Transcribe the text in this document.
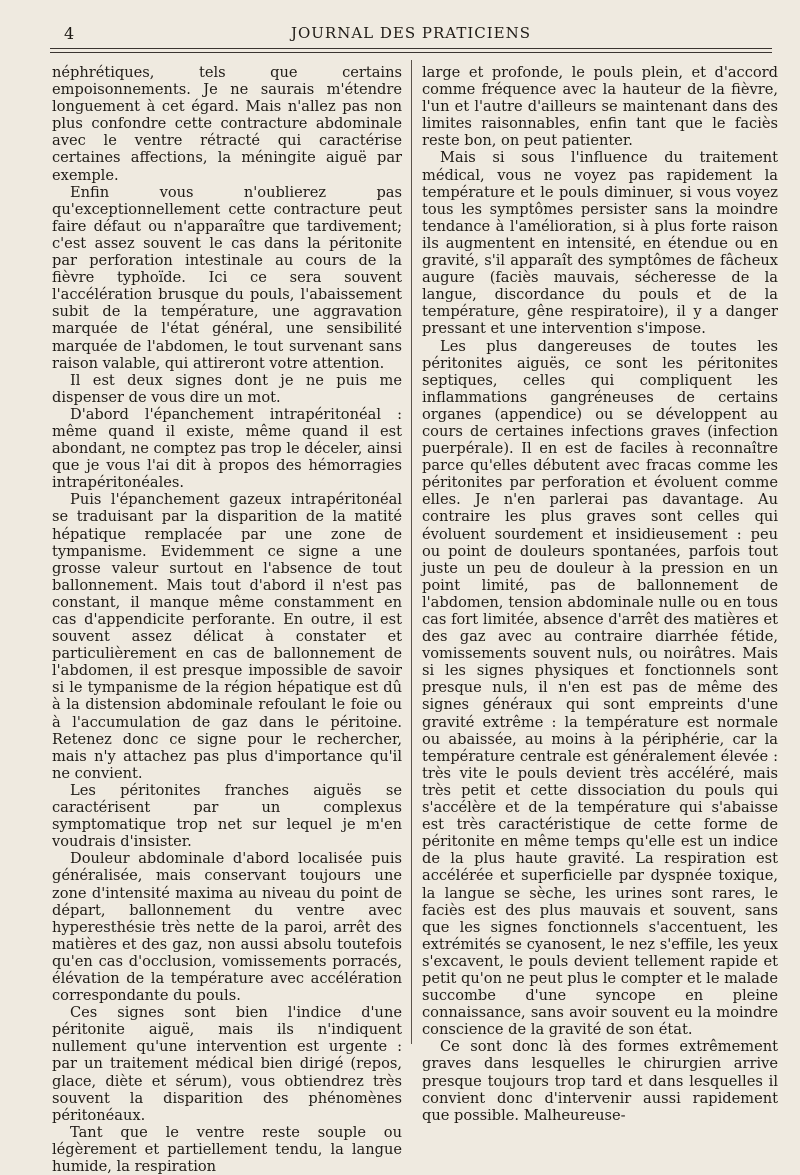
4	JOURNAL DES PRATICIENS

néphrétiques, tels que certains empoisonnements. Je ne saurais m'étendre longuement à cet égard. Mais n'allez pas non plus confondre cette contracture abdominale avec le ventre rétracté qui caractérise certaines affections, la méningite aiguë par exemple.

Enfin vous n'oublierez pas qu'exceptionnellement cette contracture peut faire défaut ou n'apparaître que tardivement; c'est assez souvent le cas dans la péritonite par perforation intestinale au cours de la fièvre typhoïde. Ici ce sera souvent l'accélération brusque du pouls, l'abaissement subit de la température, une aggravation marquée de l'état général, une sensibilité marquée de l'abdomen, le tout survenant sans raison valable, qui attireront votre attention.

Il est deux signes dont je ne puis me dispenser de vous dire un mot.

D'abord l'épanchement intrapéritonéal : même quand il existe, même quand il est abondant, ne comptez pas trop le déceler, ainsi que je vous l'ai dit à propos des hémorragies intrapéritonéales.

Puis l'épanchement gazeux intrapéritonéal se traduisant par la disparition de la matité hépatique remplacée par une zone de tympanisme. Evidemment ce signe a une grosse valeur surtout en l'absence de tout ballonnement. Mais tout d'abord il n'est pas constant, il manque même constamment en cas d'appendicite perforante. En outre, il est souvent assez délicat à constater et particulièrement en cas de ballonnement de l'abdomen, il est presque impossible de savoir si le tympanisme de la région hépatique est dû à la distension abdominale refoulant le foie ou à l'accumulation de gaz dans le péritoine. Retenez donc ce signe pour le rechercher, mais n'y attachez pas plus d'importance qu'il ne convient.

Les péritonites franches aiguës se caractérisent par un complexus symptomatique trop net sur lequel je m'en voudrais d'insister.

Douleur abdominale d'abord localisée puis généralisée, mais conservant toujours une zone d'intensité maxima au niveau du point de départ, ballonnement du ventre avec hyperesthésie très nette de la paroi, arrêt des matières et des gaz, non aussi absolu toutefois qu'en cas d'occlusion, vomissements porracés, élévation de la température avec accélération correspondante du pouls.

Ces signes sont bien l'indice d'une péritonite aiguë, mais ils n'indiquent nullement qu'une intervention est urgente : par un traitement médical bien dirigé (repos, glace, diète et sérum), vous obtiendrez très souvent la disparition des phénomènes péritonéaux.

Tant que le ventre reste souple ou légèrement et partiellement tendu, la langue humide, la respiration

large et profonde, le pouls plein, et d'accord comme fréquence avec la hauteur de la fièvre, l'un et l'autre d'ailleurs se maintenant dans des limites raisonnables, enfin tant que le faciès reste bon, on peut patienter.

Mais si sous l'influence du traitement médical, vous ne voyez pas rapidement la température et le pouls diminuer, si vous voyez tous les symptômes persister sans la moindre tendance à l'amélioration, si à plus forte raison ils augmentent en intensité, en étendue ou en gravité, s'il apparaît des symptômes de fâcheux augure (faciès mauvais, sécheresse de la langue, discordance du pouls et de la température, gêne respiratoire), il y a danger pressant et une intervention s'impose.

Les plus dangereuses de toutes les péritonites aiguës, ce sont les péritonites septiques, celles qui compliquent les inflammations gangréneuses de certains organes (appendice) ou se développent au cours de certaines infections graves (infection puerpérale). Il en est de faciles à reconnaître parce qu'elles débutent avec fracas comme les péritonites par perforation et évoluent comme elles. Je n'en parlerai pas davantage. Au contraire les plus graves sont celles qui évoluent sourdement et insidieusement : peu ou point de douleurs spontanées, parfois tout juste un peu de douleur à la pression en un point limité, pas de ballonnement de l'abdomen, tension abdominale nulle ou en tous cas fort limitée, absence d'arrêt des matières et des gaz avec au contraire diarrhée fétide, vomissements souvent nuls, ou noirâtres. Mais si les signes physiques et fonctionnels sont presque nuls, il n'en est pas de même des signes généraux qui sont empreints d'une gravité extrême : la température est normale ou abaissée, au moins à la périphérie, car la température centrale est généralement élevée : très vite le pouls devient très accéléré, mais très petit et cette dissociation du pouls qui s'accélère et de la température qui s'abaisse est très caractéristique de cette forme de péritonite en même temps qu'elle est un indice de la plus haute gravité. La respiration est accélérée et superficielle par dyspnée toxique, la langue se sèche, les urines sont rares, le faciès est des plus mauvais et souvent, sans que les signes fonctionnels s'accentuent, les extrémités se cyanosent, le nez s'effile, les yeux s'excavent, le pouls devient tellement rapide et petit qu'on ne peut plus le compter et le malade succombe d'une syncope en pleine connaissance, sans avoir souvent eu la moindre conscience de la gravité de son état.

Ce sont donc là des formes extrêmement graves dans lesquelles le chirurgien arrive presque toujours trop tard et dans lesquelles il convient donc d'intervenir aussi rapidement que possible. Malheureuse-
